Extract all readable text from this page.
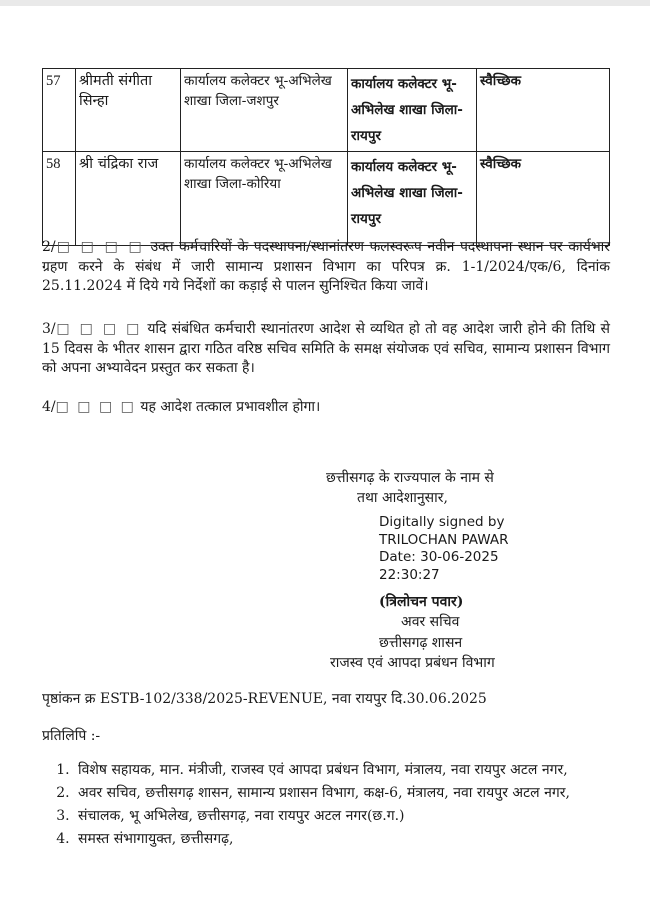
57	श्रीमती संगीता सिन्हा	कार्यालय कलेक्टर भू-अभिलेख शाखा जिला-जशपुर	कार्यालय कलेक्टर भू-अभिलेख शाखा जिला-रायपुर	स्वैच्छिक
58	श्री चंद्रिका राज	कार्यालय कलेक्टर भू-अभिलेख शाखा जिला-कोरिया	कार्यालय कलेक्टर भू-अभिलेख शाखा जिला-रायपुर	स्वैच्छिक
2/□ □ □ □ उक्त कर्मचारियों के पदस्थापना/स्थानांतरण फलस्वरूप नवीन पदस्थापना स्थान पर कार्यभार ग्रहण करने के संबंध में जारी सामान्य प्रशासन विभाग का परिपत्र क्र. 1-1/2024/एक/6, दिनांक 25.11.2024 में दिये गये निर्देशों का कड़ाई से पालन सुनिश्चित किया जावें।
3/□ □ □ □ यदि संबंधित कर्मचारी स्थानांतरण आदेश से व्यथित हो तो वह आदेश जारी होने की तिथि से 15 दिवस के भीतर शासन द्वारा गठित वरिष्ठ सचिव समिति के समक्ष संयोजक एवं सचिव, सामान्य प्रशासन विभाग को अपना अभ्यावेदन प्रस्तुत कर सकता है।
4/□ □ □ □ यह आदेश तत्काल प्रभावशील होगा।
छत्तीसगढ़ के राज्यपाल के नाम से
तथा आदेशानुसार,
Digitally signed by
TRILOCHAN PAWAR
Date: 30-06-2025
22:30:27
(त्रिलोचन पवार)
अवर सचिव
छत्तीसगढ़ शासन
राजस्व एवं आपदा प्रबंधन विभाग
पृष्ठांकन क्र ESTB-102/338/2025-REVENUE, नवा रायपुर दि.30.06.2025
प्रतिलिपि :-
1. विशेष सहायक, मान. मंत्रीजी, राजस्व एवं आपदा प्रबंधन विभाग, मंत्रालय, नवा रायपुर अटल नगर,
2. अवर सचिव, छत्तीसगढ़ शासन, सामान्य प्रशासन विभाग, कक्ष-6, मंत्रालय, नवा रायपुर अटल नगर,
3. संचालक, भू अभिलेख, छत्तीसगढ़, नवा रायपुर अटल नगर(छ.ग.)
4. समस्त संभागायुक्त, छत्तीसगढ़,
